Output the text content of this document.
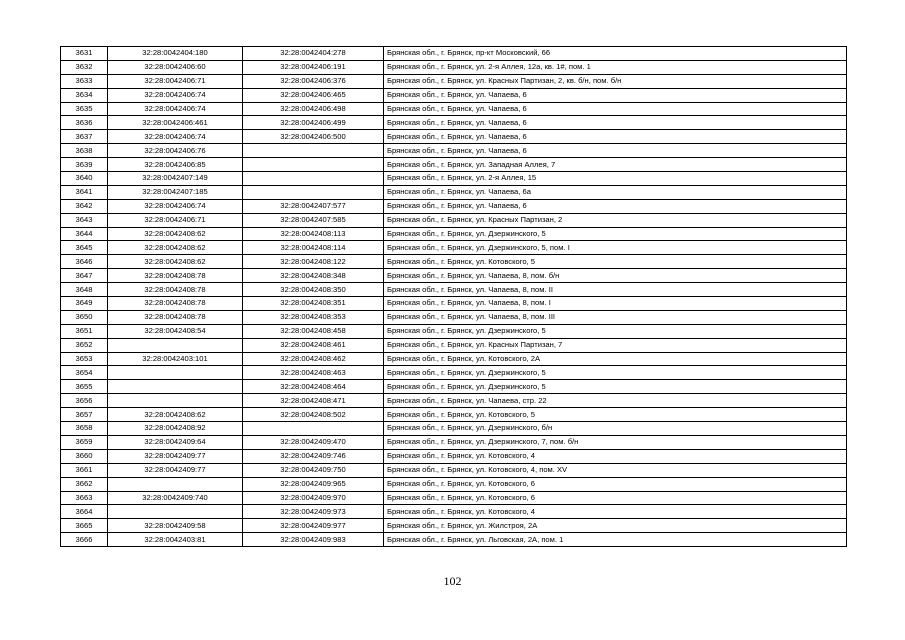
3631	32:28:0042404:180	32:28:0042404:278	Брянская обл., г. Брянск, пр-кт Московский, 66
3632	32:28:0042406:60	32:28:0042406:191	Брянская обл., г. Брянск, ул. 2-я Аллея, 12а, кв. 1#, пом. 1
3633	32:28:0042406:71	32:28:0042406:376	Брянская обл., г. Брянск, ул. Красных Партизан, 2, кв. б/н, пом. б/н
3634	32:28:0042406:74	32:28:0042406:465	Брянская обл., г. Брянск, ул. Чапаева, 6
3635	32:28:0042406:74	32:28:0042406:498	Брянская обл., г. Брянск, ул. Чапаева, 6
3636	32:28:0042406:461	32:28:0042406:499	Брянская обл., г. Брянск, ул. Чапаева, 6
3637	32:28:0042406:74	32:28:0042406:500	Брянская обл., г. Брянск, ул. Чапаева, 6
3638	32:28:0042406:76		Брянская обл., г. Брянск, ул. Чапаева, 6
3639	32:28:0042406:85		Брянская обл., г. Брянск, ул. Западная Аллея, 7
3640	32:28:0042407:149		Брянская обл., г. Брянск, ул. 2-я Аллея, 15
3641	32:28:0042407:185		Брянская обл., г. Брянск, ул. Чапаева, 6а
3642	32:28:0042406:74	32:28:0042407:577	Брянская обл., г. Брянск, ул. Чапаева, 6
3643	32:28:0042406:71	32:28:0042407:585	Брянская обл., г. Брянск, ул. Красных Партизан, 2
3644	32:28:0042408:62	32:28:0042408:113	Брянская обл., г. Брянск, ул. Дзержинского, 5
3645	32:28:0042408:62	32:28:0042408:114	Брянская обл., г. Брянск, ул. Дзержинского, 5, пом. I
3646	32:28:0042408:62	32:28:0042408:122	Брянская обл., г. Брянск, ул. Котовского, 5
3647	32:28:0042408:78	32:28:0042408:348	Брянская обл., г. Брянск, ул. Чапаева, 8, пом. б/н
3648	32:28:0042408:78	32:28:0042408:350	Брянская обл., г. Брянск, ул. Чапаева, 8, пом. II
3649	32:28:0042408:78	32:28:0042408:351	Брянская обл., г. Брянск, ул. Чапаева, 8, пом. I
3650	32:28:0042408:78	32:28:0042408:353	Брянская обл., г. Брянск, ул. Чапаева, 8, пом. III
3651	32:28:0042408:54	32:28:0042408:458	Брянская обл., г. Брянск, ул. Дзержинского, 5
3652		32:28:0042408:461	Брянская обл., г. Брянск, ул. Красных Партизан, 7
3653	32:28:0042403:101	32:28:0042408:462	Брянская обл., г. Брянск, ул. Котовского, 2А
3654		32:28:0042408:463	Брянская обл., г. Брянск, ул. Дзержинского, 5
3655		32:28:0042408:464	Брянская обл., г. Брянск, ул. Дзержинского, 5
3656		32:28:0042408:471	Брянская обл., г. Брянск, ул. Чапаева, стр. 22
3657	32:28:0042408:62	32:28:0042408:502	Брянская обл., г. Брянск, ул. Котовского, 5
3658	32:28:0042408:92		Брянская обл., г. Брянск, ул. Дзержинского, б/н
3659	32:28:0042409:64	32:28:0042409:470	Брянская обл., г. Брянск, ул. Дзержинского, 7, пом. б/н
3660	32:28:0042409:77	32:28:0042409:746	Брянская обл., г. Брянск, ул. Котовского, 4
3661	32:28:0042409:77	32:28:0042409:750	Брянская обл., г. Брянск, ул. Котовского, 4, пом. XV
3662		32:28:0042409:965	Брянская обл., г. Брянск, ул. Котовского, 6
3663	32:28:0042409:740	32:28:0042409:970	Брянская обл., г. Брянск, ул. Котовского, 6
3664		32:28:0042409:973	Брянская обл., г. Брянск, ул. Котовского, 4
3665	32:28:0042409:58	32:28:0042409:977	Брянская обл., г. Брянск, ул. Жилстроя, 2А
3666	32:28:0042403:81	32:28:0042409:983	Брянская обл., г. Брянск, ул. Льговская, 2А, пом. 1
102
